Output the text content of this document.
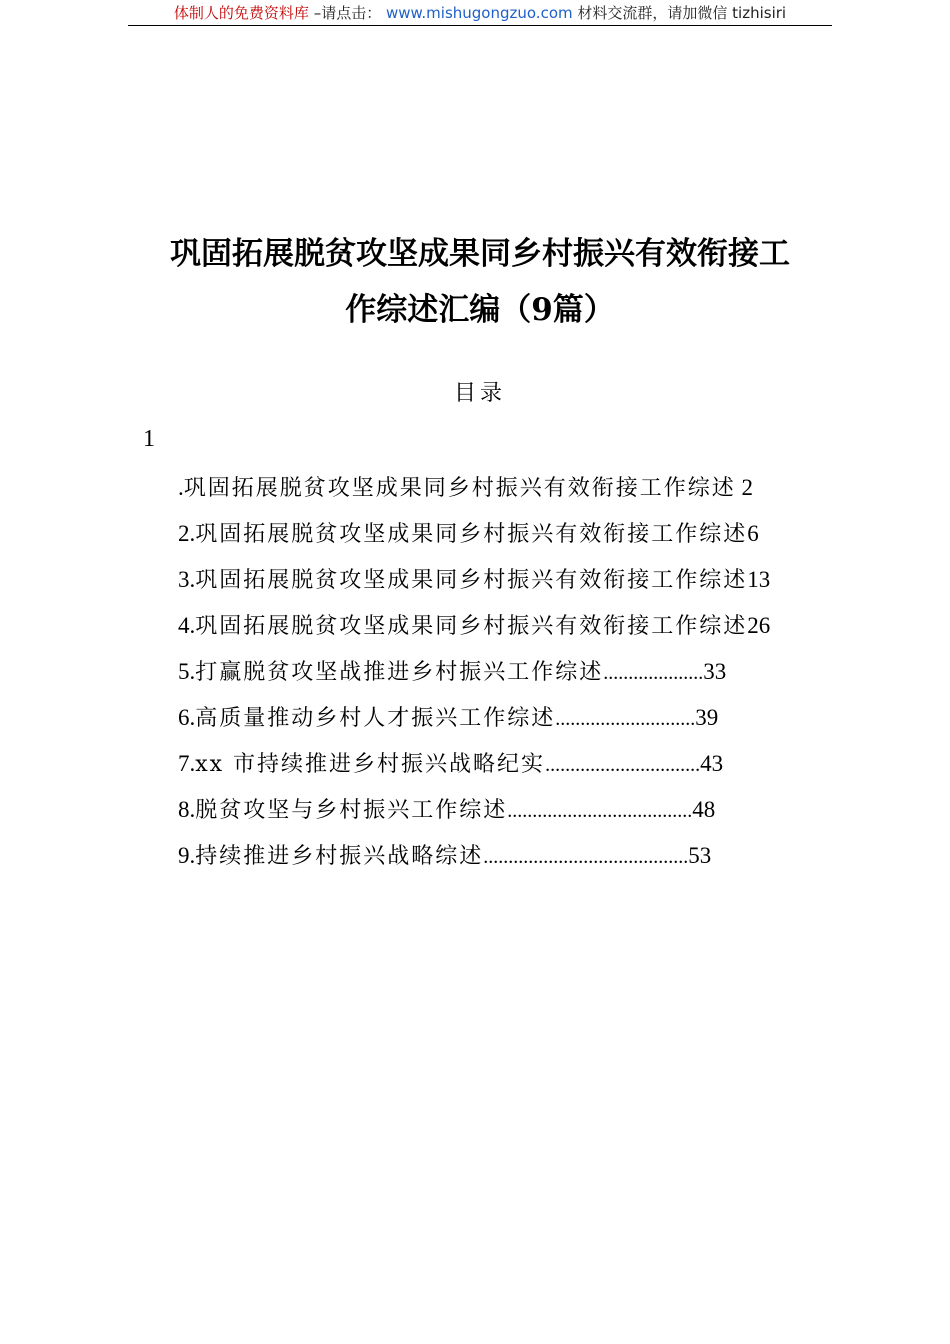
体制人的免费资料库 –请点击： www.mishugongzuo.com 材料交流群，请加微信 tizhisiri
巩固拓展脱贫攻坚成果同乡村振兴有效衔接工
作综述汇编（9篇）
目录
1
.巩固拓展脱贫攻坚成果同乡村振兴有效衔接工作综述 2
2.巩固拓展脱贫攻坚成果同乡村振兴有效衔接工作综述6
3.巩固拓展脱贫攻坚成果同乡村振兴有效衔接工作综述13
4.巩固拓展脱贫攻坚成果同乡村振兴有效衔接工作综述26
5.打赢脱贫攻坚战推进乡村振兴工作综述....................33
6.高质量推动乡村人才振兴工作综述............................39
7.xx 市持续推进乡村振兴战略纪实...............................43
8.脱贫攻坚与乡村振兴工作综述.....................................48
9.持续推进乡村振兴战略综述.........................................53
